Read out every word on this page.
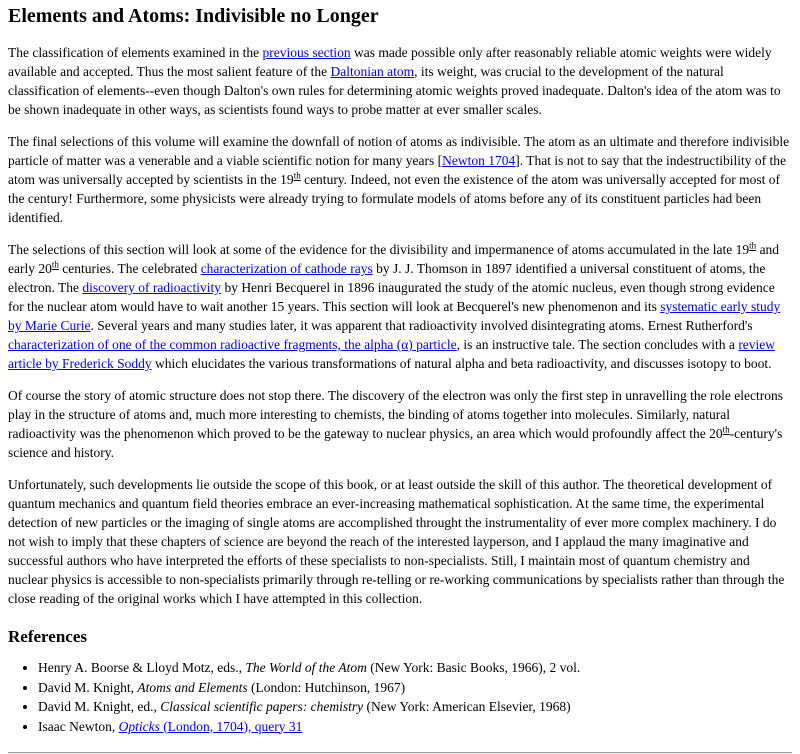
Elements and Atoms: Indivisible no Longer

The classification of elements examined in the previous section was made possible only after reasonably reliable atomic weights were widely available and accepted. Thus the most salient feature of the Daltonian atom, its weight, was crucial to the development of the natural classification of elements--even though Dalton's own rules for determining atomic weights proved inadequate. Dalton's idea of the atom was to be shown inadequate in other ways, as scientists found ways to probe matter at ever smaller scales.

The final selections of this volume will examine the downfall of notion of atoms as indivisible. The atom as an ultimate and therefore indivisible particle of matter was a venerable and a viable scientific notion for many years [Newton 1704]. That is not to say that the indestructibility of the atom was universally accepted by scientists in the 19th century. Indeed, not even the existence of the atom was universally accepted for most of the century! Furthermore, some physicists were already trying to formulate models of atoms before any of its constituent particles had been identified.

The selections of this section will look at some of the evidence for the divisibility and impermanence of atoms accumulated in the late 19th and early 20th centuries. The celebrated characterization of cathode rays by J. J. Thomson in 1897 identified a universal constituent of atoms, the electron. The discovery of radioactivity by Henri Becquerel in 1896 inaugurated the study of the atomic nucleus, even though strong evidence for the nuclear atom would have to wait another 15 years. This section will look at Becquerel's new phenomenon and its systematic early study by Marie Curie. Several years and many studies later, it was apparent that radioactivity involved disintegrating atoms. Ernest Rutherford's characterization of one of the common radioactive fragments, the alpha (α) particle, is an instructive tale. The section concludes with a review article by Frederick Soddy which elucidates the various transformations of natural alpha and beta radioactivity, and discusses isotopy to boot.

Of course the story of atomic structure does not stop there. The discovery of the electron was only the first step in unravelling the role electrons play in the structure of atoms and, much more interesting to chemists, the binding of atoms together into molecules. Similarly, natural radioactivity was the phenomenon which proved to be the gateway to nuclear physics, an area which would profoundly affect the 20th-century's science and history.

Unfortunately, such developments lie outside the scope of this book, or at least outside the skill of this author. The theoretical development of quantum mechanics and quantum field theories embrace an ever-increasing mathematical sophistication. At the same time, the experimental detection of new particles or the imaging of single atoms are accomplished throught the instrumentality of ever more complex machinery. I do not wish to imply that these chapters of science are beyond the reach of the interested layperson, and I applaud the many imaginative and successful authors who have interpreted the efforts of these specialists to non-specialists. Still, I maintain most of quantum chemistry and nuclear physics is accessible to non-specialists primarily through re-telling or re-working communications by specialists rather than through the close reading of the original works which I have attempted in this collection.

References
• Henry A. Boorse & Lloyd Motz, eds., The World of the Atom (New York: Basic Books, 1966), 2 vol.
• David M. Knight, Atoms and Elements (London: Hutchinson, 1967)
• David M. Knight, ed., Classical scientific papers: chemistry (New York: American Elsevier, 1968)
• Isaac Newton, Opticks (London, 1704), query 31
